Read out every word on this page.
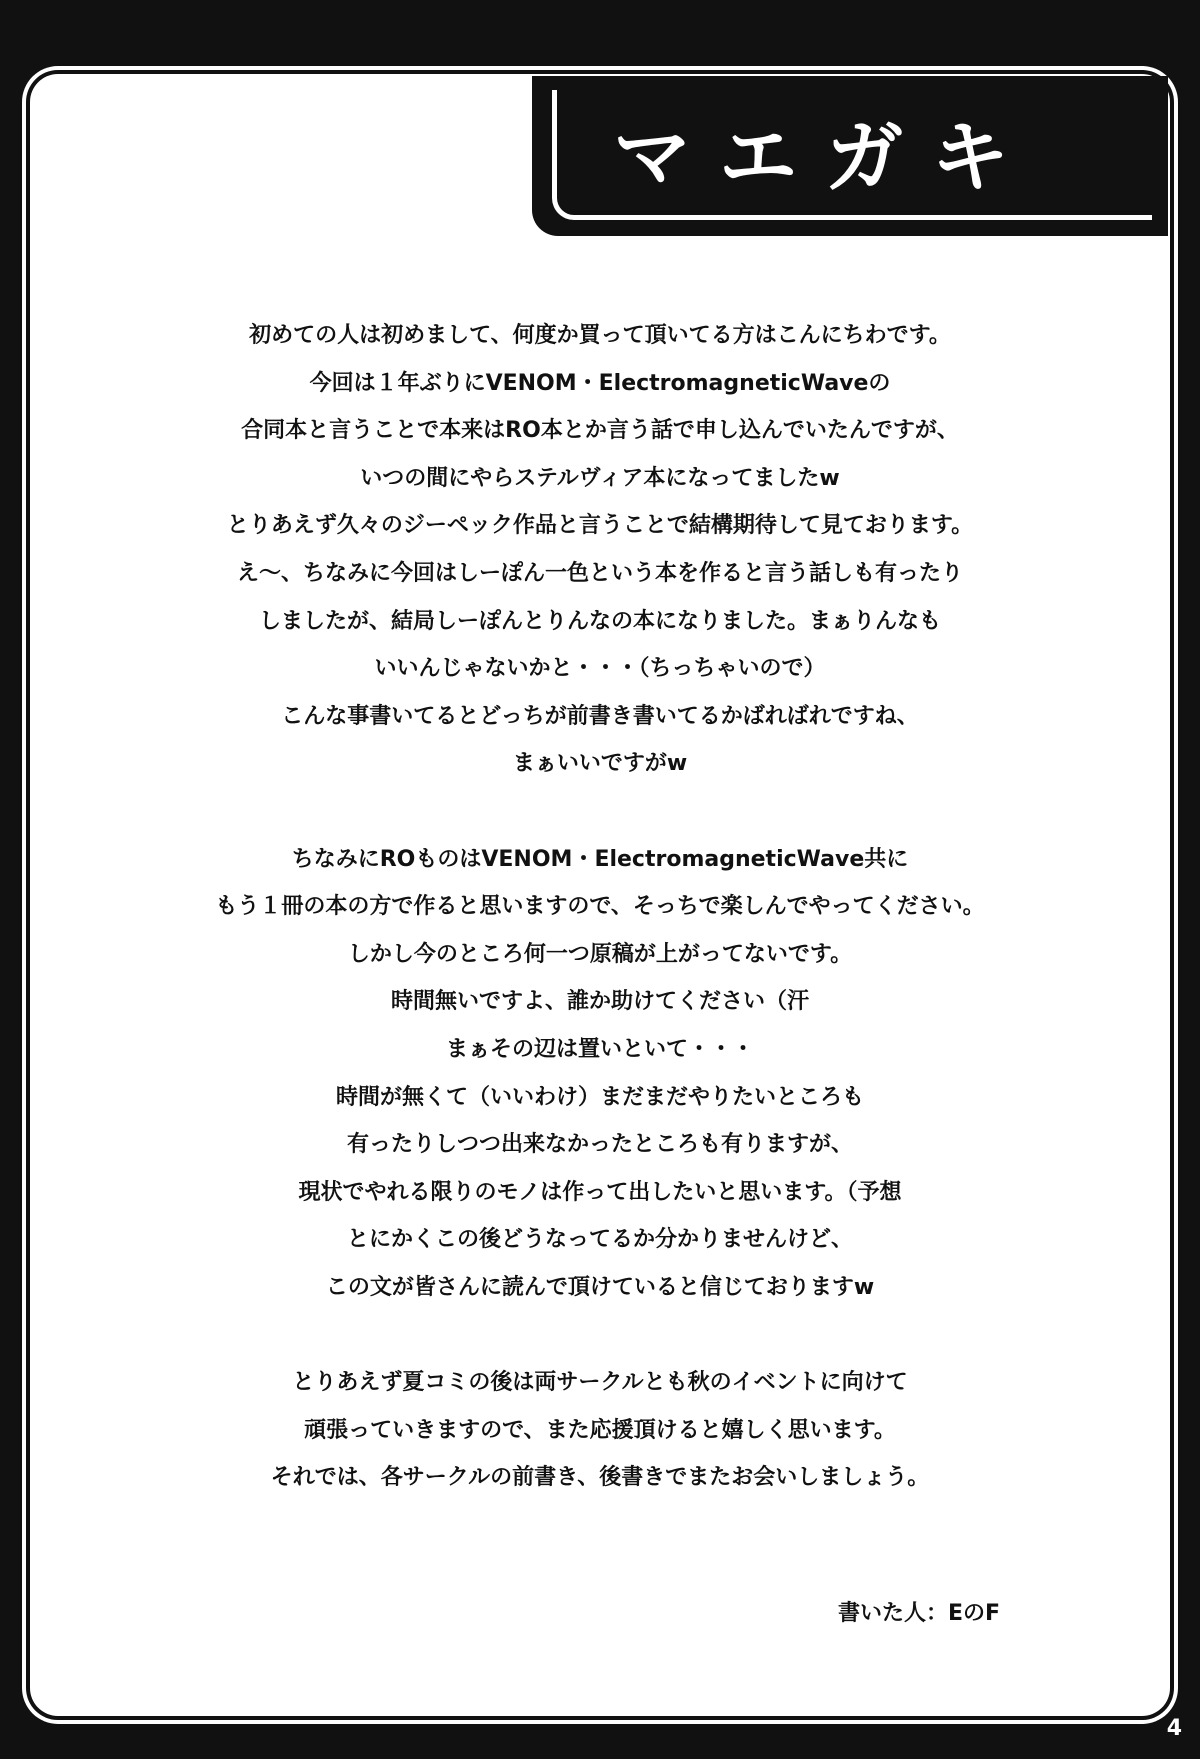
マエガキ
初めての人は初めまして、何度か買って頂いてる方はこんにちわです。
今回は１年ぶりにVENOM・ElectromagneticWaveの
合同本と言うことで本来はRO本とか言う話で申し込んでいたんですが、
いつの間にやらステルヴィア本になってましたw
とりあえず久々のジーペック作品と言うことで結構期待して見ております。
え～、ちなみに今回はしーぽん一色という本を作ると言う話しも有ったり
しましたが、結局しーぽんとりんなの本になりました。まぁりんなも
いいんじゃないかと・・・（ちっちゃいので）
こんな事書いてるとどっちが前書き書いてるかばればれですね、
まぁいいですがw
ちなみにROものはVENOM・ElectromagneticWave共に
もう１冊の本の方で作ると思いますので、そっちで楽しんでやってください。
しかし今のところ何一つ原稿が上がってないです。
時間無いですよ、誰か助けてください（汗
まぁその辺は置いといて・・・
時間が無くて（いいわけ）まだまだやりたいところも
有ったりしつつ出来なかったところも有りますが、
現状でやれる限りのモノは作って出したいと思います。（予想
とにかくこの後どうなってるか分かりませんけど、
この文が皆さんに読んで頂けていると信じておりますw
とりあえず夏コミの後は両サークルとも秋のイベントに向けて
頑張っていきますので、また応援頂けると嬉しく思います。
それでは、各サークルの前書き、後書きでまたお会いしましょう。
書いた人：EのF
4
